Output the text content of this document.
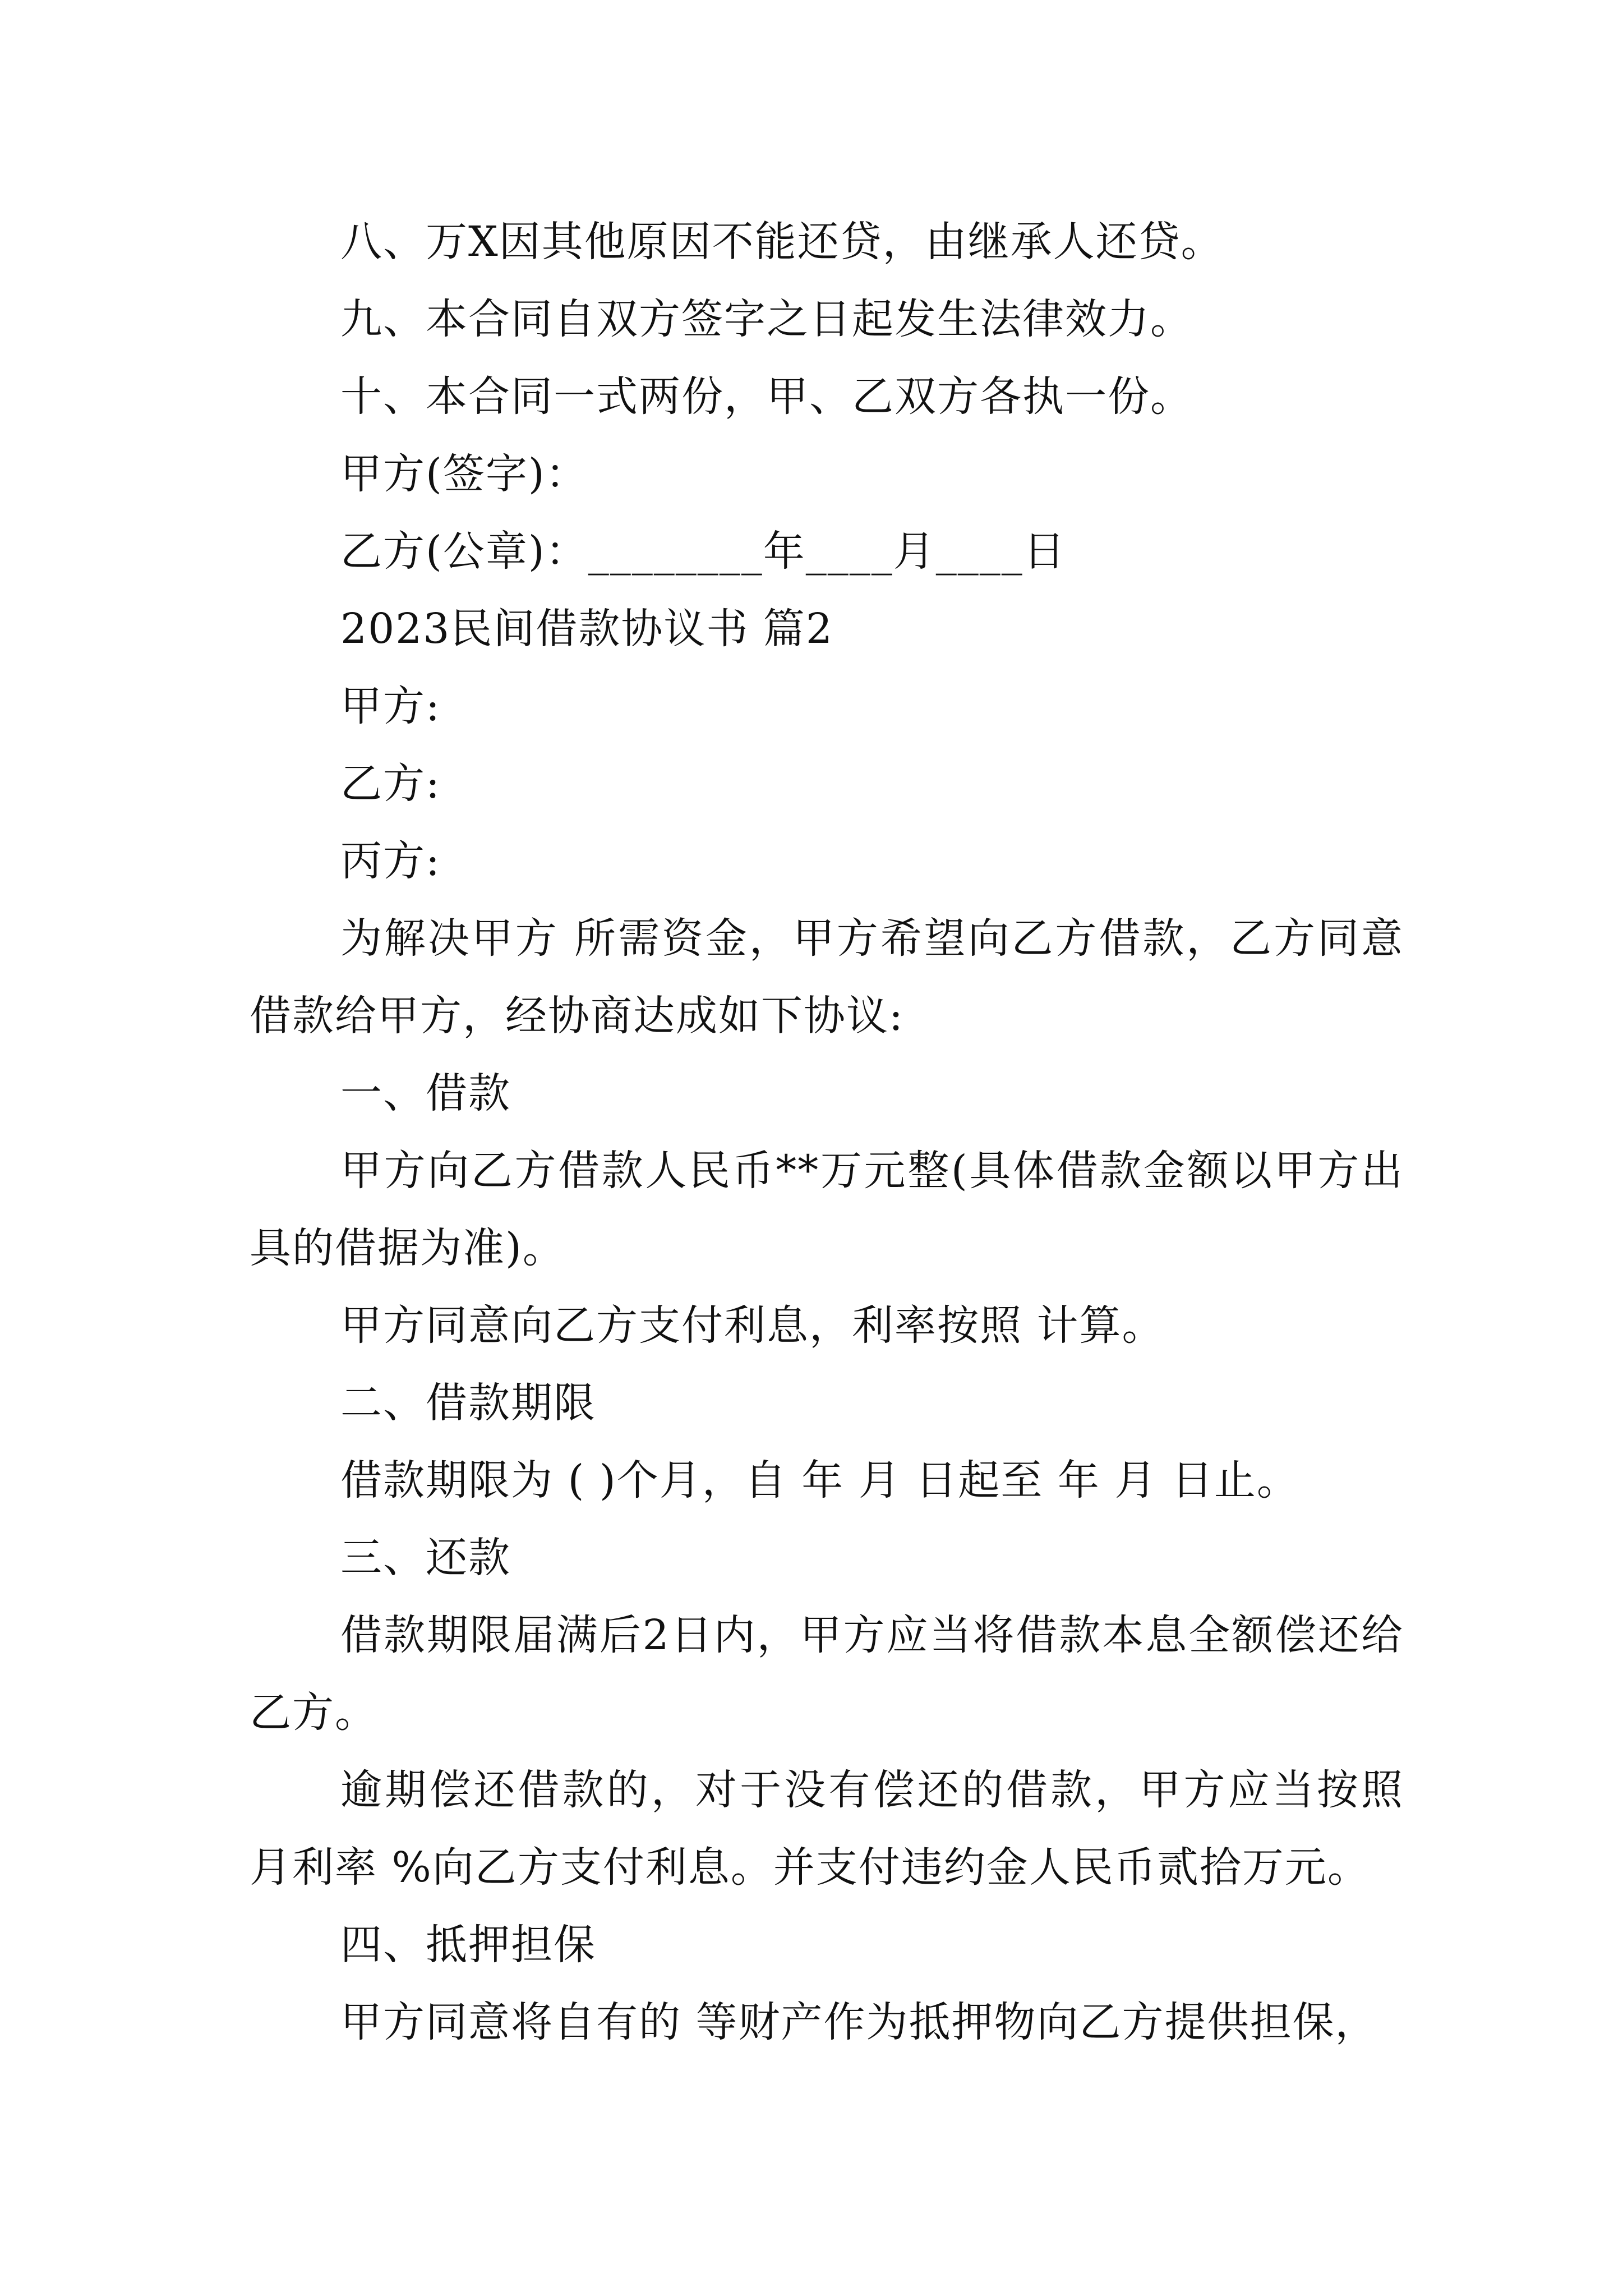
八、万X因其他原因不能还贷，由继承人还贷。

九、本合同自双方签字之日起发生法律效力。

十、本合同一式两份，甲、乙双方各执一份。

甲方(签字)：

乙方(公章)：________年____月____日

2023民间借款协议书 篇2

甲方:

乙方:

丙方:

为解决甲方 所需资金，甲方希望向乙方借款，乙方同意借款给甲方，经协商达成如下协议:

一、借款

甲方向乙方借款人民币**万元整(具体借款金额以甲方出具的借据为准)。

甲方同意向乙方支付利息，利率按照 计算。

二、借款期限

借款期限为 ( )个月，自 年 月 日起至 年 月 日止。

三、还款

借款期限届满后2日内，甲方应当将借款本息全额偿还给乙方。

逾期偿还借款的，对于没有偿还的借款，甲方应当按照月利率 %向乙方支付利息。并支付违约金人民币贰拾万元。

四、抵押担保

甲方同意将自有的 等财产作为抵押物向乙方提供担保，
